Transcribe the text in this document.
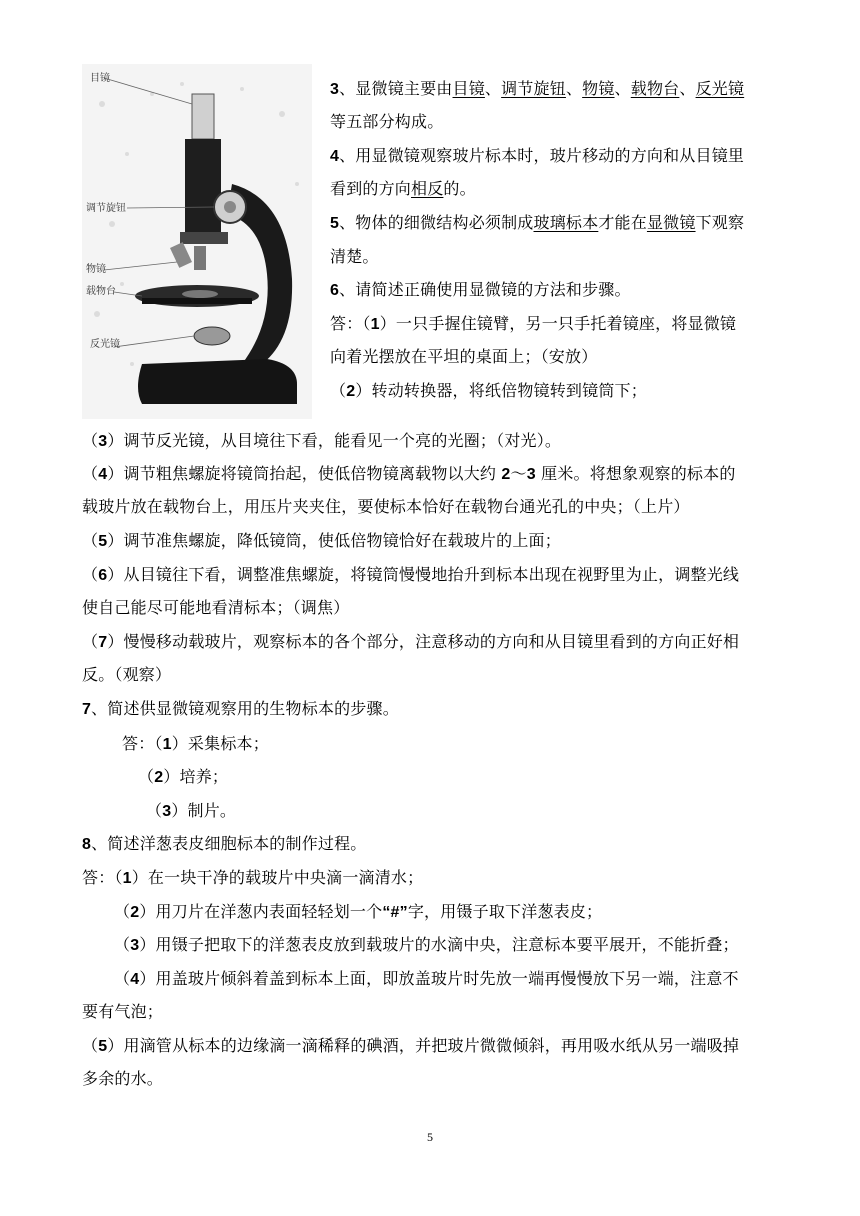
目镜
调节旋钮
物镜
载物台
反光镜
3、显微镜主要由目镜、调节旋钮、物镜、载物台、反光镜
等五部分构成。
4、用显微镜观察玻片标本时，玻片移动的方向和从目镜里
看到的方向相反的。
5、物体的细微结构必须制成玻璃标本才能在显微镜下观察
清楚。
6、请简述正确使用显微镜的方法和步骤。
答：（1）一只手握住镜臂，另一只手托着镜座，将显微镜
向着光摆放在平坦的桌面上；（安放）
（2）转动转换器，将纸倍物镜转到镜筒下；
（3）调节反光镜，从目境往下看，能看见一个亮的光圈；（对光）。
（4）调节粗焦螺旋将镜筒抬起，使低倍物镜离载物以大约 2～3 厘米。将想象观察的标本的
载玻片放在载物台上，用压片夹夹住，要使标本恰好在载物台通光孔的中央；（上片）
（5）调节准焦螺旋，降低镜筒，使低倍物镜恰好在载玻片的上面；
（6）从目镜往下看，调整准焦螺旋，将镜筒慢慢地抬升到标本出现在视野里为止，调整光线
使自己能尽可能地看清标本；（调焦）
（7）慢慢移动载玻片，观察标本的各个部分，注意移动的方向和从目镜里看到的方向正好相
反。（观察）
7、简述供显微镜观察用的生物标本的步骤。
答：（1）采集标本；
（2）培养；
（3）制片。
8、简述洋葱表皮细胞标本的制作过程。
答：（1）在一块干净的载玻片中央滴一滴清水；
（2）用刀片在洋葱内表面轻轻划一个“#”字，用镊子取下洋葱表皮；
（3）用镊子把取下的洋葱表皮放到载玻片的水滴中央，注意标本要平展开，不能折叠；
（4）用盖玻片倾斜着盖到标本上面，即放盖玻片时先放一端再慢慢放下另一端，注意不
要有气泡；
（5）用滴管从标本的边缘滴一滴稀释的碘酒，并把玻片微微倾斜，再用吸水纸从另一端吸掉
多余的水。
5
